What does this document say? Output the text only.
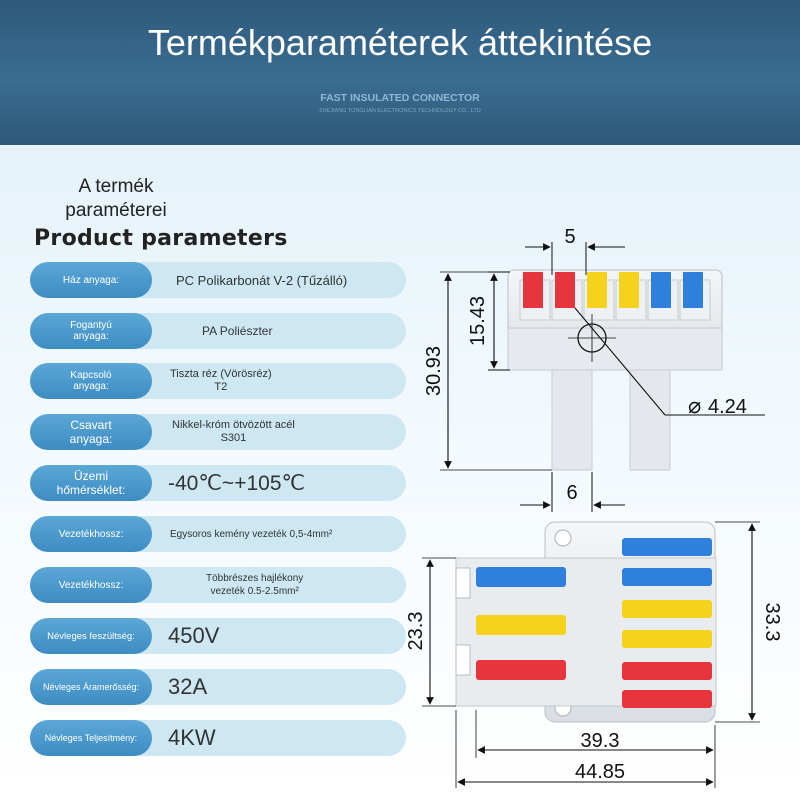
Termékparaméterek áttekintése
FAST INSULATED CONNECTOR
ZHEJIANG TONGLIAN ELECTRONICS TECHNOLOGY CO., LTD
A termék
paraméterei
Product parameters
Ház anyaga:	PC Polikarbonát V-2 (Tűzálló)
Fogantyú
anyaga:	PA Poliészter
Kapcsoló
anyaga:
Tiszta réz (Vörösréz)
T2
Csavart
anyaga:
Nikkel-króm ötvözött acél
S301
Üzemi
hőmérséklet: -40℃~+105℃
Vezetékhossz:	Egysoros kemény vezeték 0,5-4mm²
Vezetékhossz:
Többrészes hajlékony
vezeték 0.5-2.5mm²
Névleges feszültség:	450V
Névleges Áramerősség:	32A
Névleges Teljesítmény:	4KW
⌀ 4.24
5
15.43
30.93
6
23.3	33.3
39.3
44.85
